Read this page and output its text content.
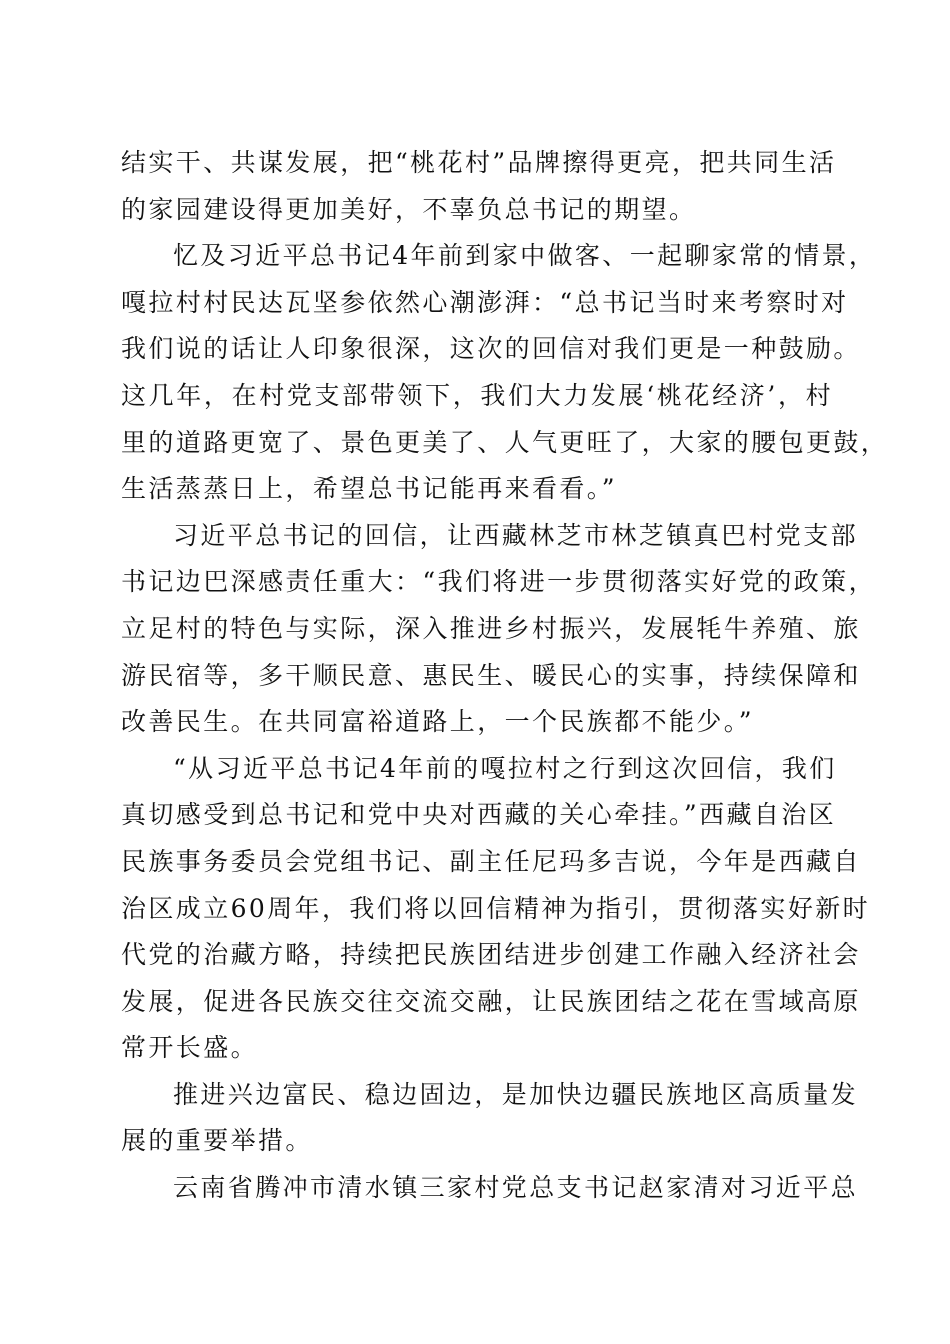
结实干、共谋发展，把“桃花村”品牌擦得更亮，把共同生活
的家园建设得更加美好，不辜负总书记的期望。
忆及习近平总书记4年前到家中做客、一起聊家常的情景，
嘎拉村村民达瓦坚参依然心潮澎湃：“总书记当时来考察时对
我们说的话让人印象很深，这次的回信对我们更是一种鼓励。
这几年，在村党支部带领下，我们大力发展‘桃花经济’，村
里的道路更宽了、景色更美了、人气更旺了，大家的腰包更鼓，
生活蒸蒸日上，希望总书记能再来看看。”
习近平总书记的回信，让西藏林芝市林芝镇真巴村党支部
书记边巴深感责任重大：“我们将进一步贯彻落实好党的政策，
立足村的特色与实际，深入推进乡村振兴，发展牦牛养殖、旅
游民宿等，多干顺民意、惠民生、暖民心的实事，持续保障和
改善民生。在共同富裕道路上，一个民族都不能少。”
“从习近平总书记4年前的嘎拉村之行到这次回信，我们
真切感受到总书记和党中央对西藏的关心牵挂。”西藏自治区
民族事务委员会党组书记、副主任尼玛多吉说，今年是西藏自
治区成立60周年，我们将以回信精神为指引，贯彻落实好新时
代党的治藏方略，持续把民族团结进步创建工作融入经济社会
发展，促进各民族交往交流交融，让民族团结之花在雪域高原
常开长盛。
推进兴边富民、稳边固边，是加快边疆民族地区高质量发
展的重要举措。
云南省腾冲市清水镇三家村党总支书记赵家清对习近平总
